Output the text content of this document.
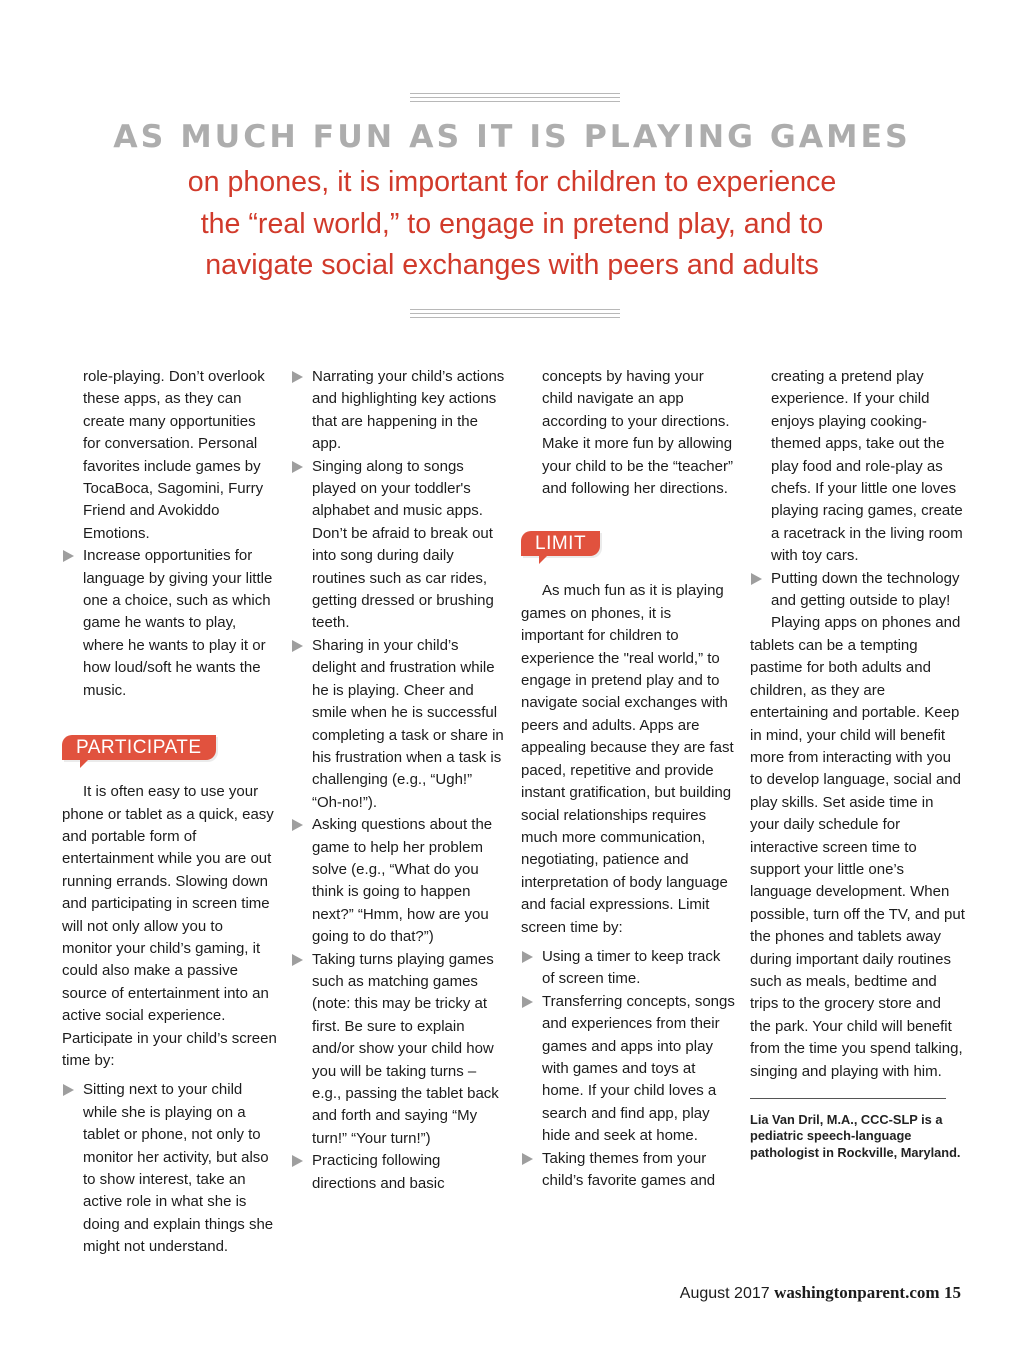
AS MUCH FUN AS IT IS PLAYING GAMES

on phones, it is important for children to experience
the “real world,” to engage in pretend play, and to
navigate social exchanges with peers and adults

role-playing. Don’t overlook these apps, as they can create many opportunities for conversation. Personal favorites include games by TocaBoca, Sagomini, Furry Friend and Avokiddo Emotions.

Increase opportunities for language by giving your little one a choice, such as which game he wants to play, where he wants to play it or how loud/soft he wants the music.

PARTICIPATE

It is often easy to use your phone or tablet as a quick, easy and portable form of entertainment while you are out running errands. Slowing down and participating in screen time will not only allow you to monitor your child’s gaming, it could also make a passive source of entertainment into an active social experience. Participate in your child’s screen time by:

Sitting next to your child while she is playing on a tablet or phone, not only to monitor her activity, but also to show interest, take an active role in what she is doing and explain things she might not understand.

Narrating your child’s actions and highlighting key actions that are happening in the app.

Singing along to songs played on your toddler's alphabet and music apps. Don’t be afraid to break out into song during daily routines such as car rides, getting dressed or brushing teeth.

Sharing in your child’s delight and frustration while he is playing. Cheer and smile when he is successful completing a task or share in his frustration when a task is challenging (e.g., “Ugh!” “Oh-no!”).

Asking questions about the game to help her problem solve (e.g., “What do you think is going to happen next?” “Hmm, how are you going to do that?”)

Taking turns playing games such as matching games (note: this may be tricky at first. Be sure to explain and/or show your child how you will be taking turns – e.g., passing the tablet back and forth and saying “My turn!” “Your turn!”)

Practicing following directions and basic

concepts by having your child navigate an app according to your directions. Make it more fun by allowing your child to be the “teacher” and following her directions.

LIMIT

As much fun as it is playing games on phones, it is important for children to experience the "real world,” to engage in pretend play and to navigate social exchanges with peers and adults. Apps are appealing because they are fast paced, repetitive and provide instant gratification, but building social relationships requires much more communication, negotiating, patience and interpretation of body language and facial expressions. Limit screen time by:

Using a timer to keep track of screen time.

Transferring concepts, songs and experiences from their games and apps into play with games and toys at home. If your child loves a search and find app, play hide and seek at home.

Taking themes from your child’s favorite games and

creating a pretend play experience. If your child enjoys playing cooking-themed apps, take out the play food and role-play as chefs. If your little one loves playing racing games, create a racetrack in the living room with toy cars.

Putting down the technology and getting outside to play!

Playing apps on phones and tablets can be a tempting pastime for both adults and children, as they are entertaining and portable. Keep in mind, your child will benefit more from interacting with you to develop language, social and play skills. Set aside time in your daily schedule for interactive screen time to support your little one’s language development. When possible, turn off the TV, and put the phones and tablets away during important daily routines such as meals, bedtime and trips to the grocery store and the park. Your child will benefit from the time you spend talking, singing and playing with him.

Lia Van Dril, M.A., CCC-SLP is a pediatric speech-language pathologist in Rockville, Maryland.

August 2017 washingtonparent.com 15
